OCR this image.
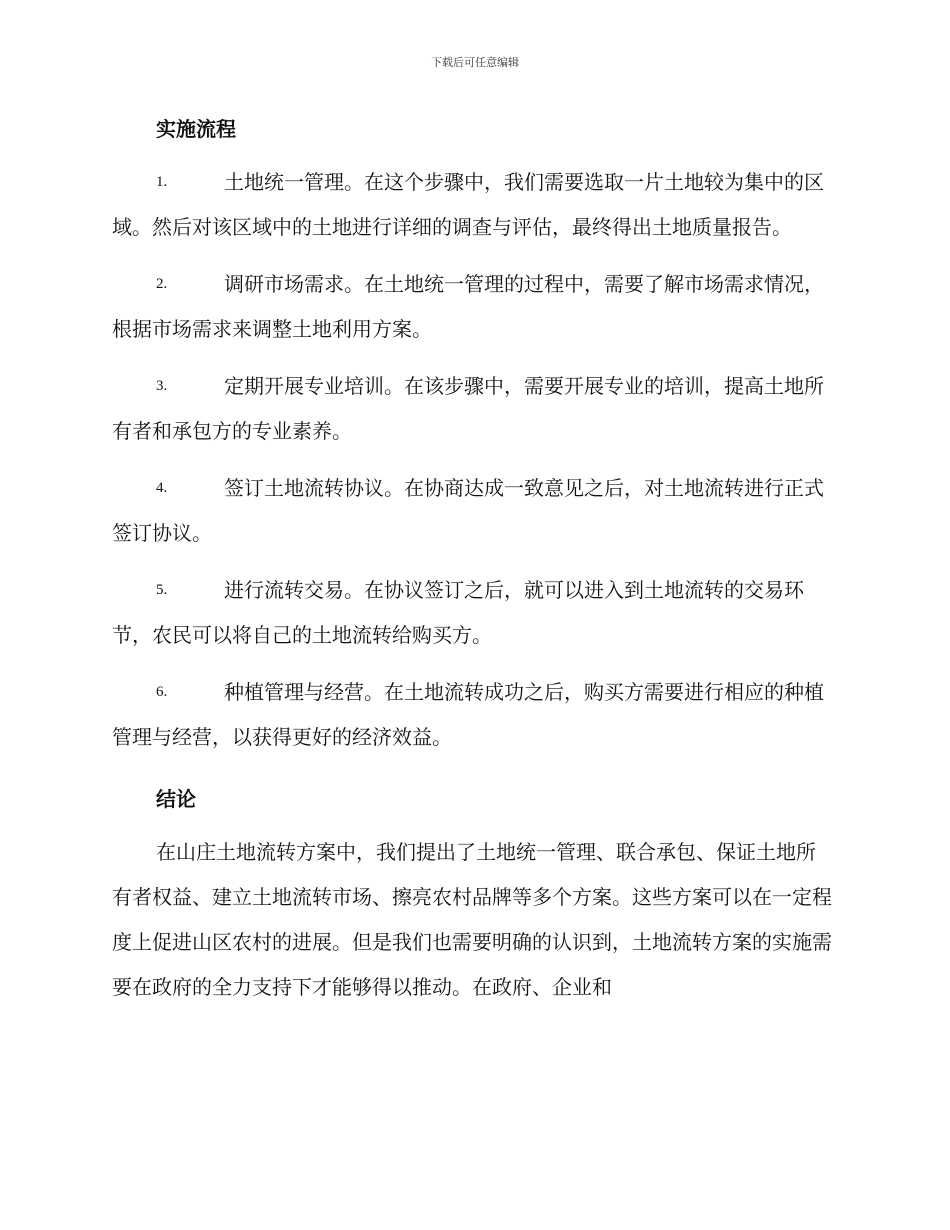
下载后可任意编辑
实施流程
1.	土地统一管理。在这个步骤中，我们需要选取一片土地较为集中的区域。然后对该区域中的土地进行详细的调查与评估，最终得出土地质量报告。
2.	调研市场需求。在土地统一管理的过程中，需要了解市场需求情况，根据市场需求来调整土地利用方案。
3.	定期开展专业培训。在该步骤中，需要开展专业的培训，提高土地所有者和承包方的专业素养。
4.	签订土地流转协议。在协商达成一致意见之后，对土地流转进行正式签订协议。
5.	进行流转交易。在协议签订之后，就可以进入到土地流转的交易环节，农民可以将自己的土地流转给购买方。
6.	种植管理与经营。在土地流转成功之后，购买方需要进行相应的种植管理与经营，以获得更好的经济效益。
结论

在山庄土地流转方案中，我们提出了土地统一管理、联合承包、保证土地所有者权益、建立土地流转市场、擦亮农村品牌等多个方案。这些方案可以在一定程度上促进山区农村的进展。但是我们也需要明确的认识到，土地流转方案的实施需要在政府的全力支持下才能够得以推动。在政府、企业和
